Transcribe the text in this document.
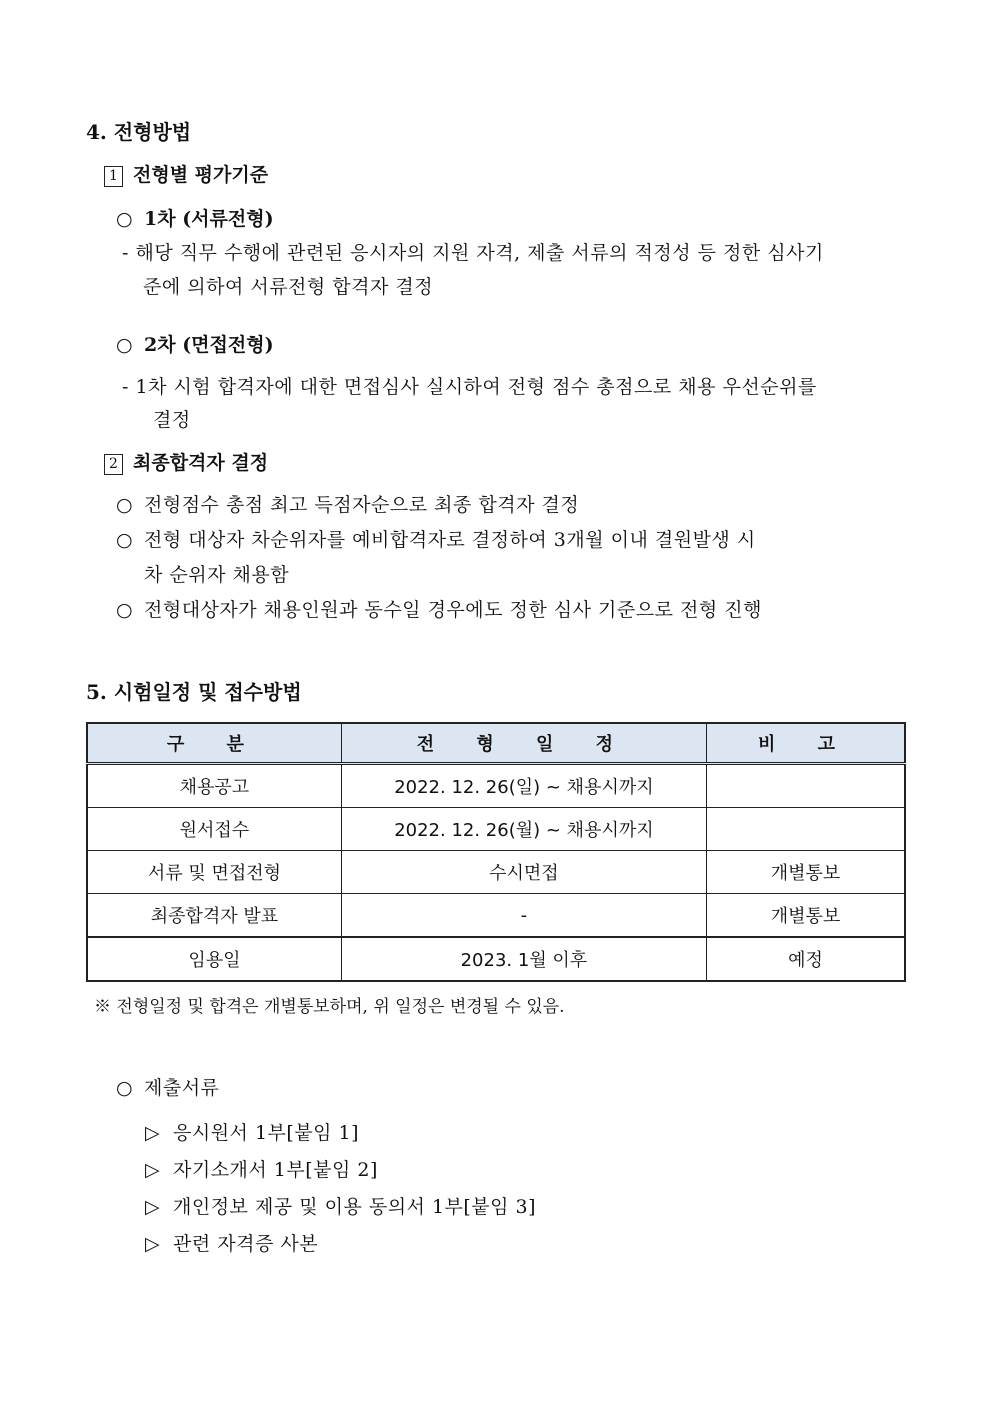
4. 전형방법
1 전형별 평가기준
○ 1차 (서류전형)
- 해당 직무 수행에 관련된 응시자의 지원 자격, 제출 서류의 적정성 등 정한 심사기
준에 의하여 서류전형 합격자 결정
○ 2차 (면접전형)
- 1차 시험 합격자에 대한 면접심사 실시하여 전형 점수 총점으로 채용 우선순위를
결정
2 최종합격자 결정
○ 전형점수 총점 최고 득점자순으로 최종 합격자 결정
○ 전형 대상자 차순위자를 예비합격자로 결정하여 3개월 이내 결원발생 시
차 순위자 채용함
○ 전형대상자가 채용인원과 동수일 경우에도 정한 심사 기준으로 전형 진행
5. 시험일정 및 접수방법
구 분	전 형 일 정	비 고
채용공고	2022. 12. 26(일) ~ 채용시까지	
원서접수	2022. 12. 26(월) ~ 채용시까지	
서류 및 면접전형	수시면접	개별통보
최종합격자 발표	-	개별통보
임용일	2023. 1월 이후	예정
※ 전형일정 및 합격은 개별통보하며, 위 일정은 변경될 수 있음.
○ 제출서류
▷ 응시원서 1부[붙임 1]
▷ 자기소개서 1부[붙임 2]
▷ 개인정보 제공 및 이용 동의서 1부[붙임 3]
▷ 관련 자격증 사본
